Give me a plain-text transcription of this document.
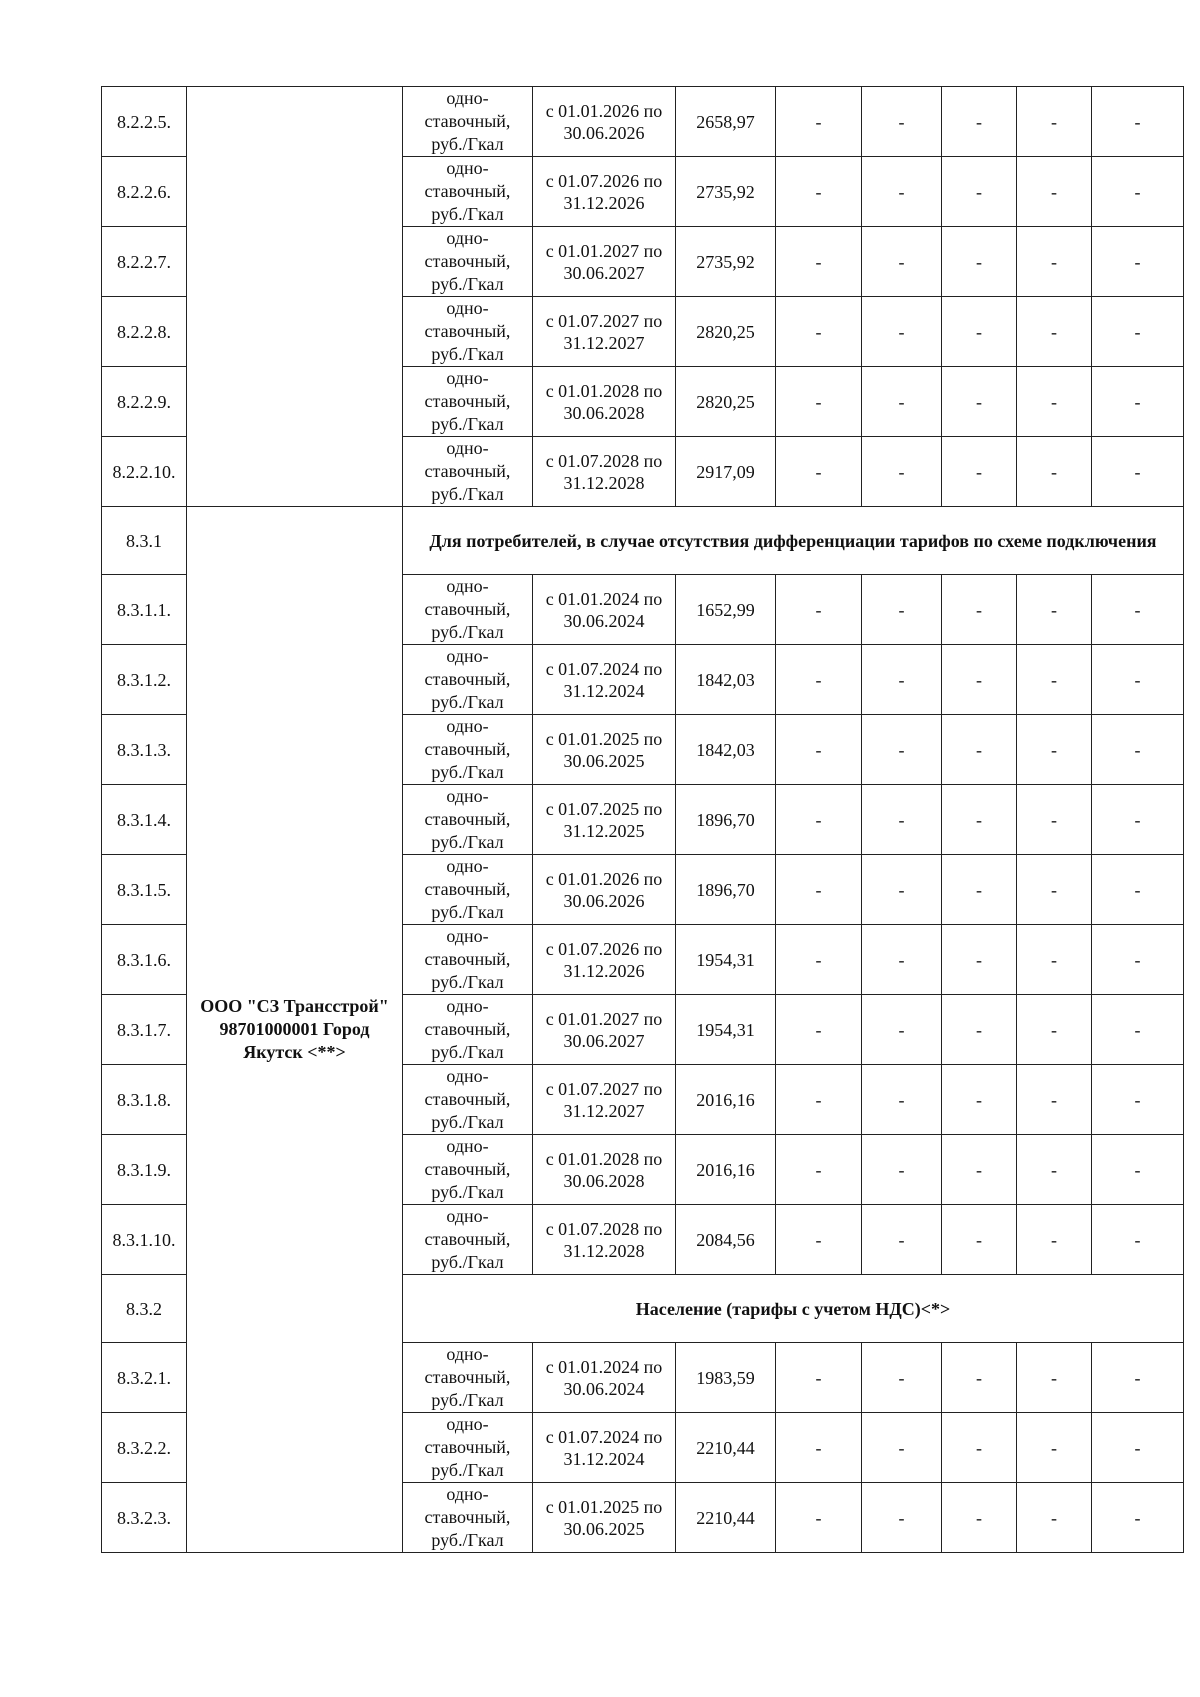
8.2.2.5.		одно-ставочный, руб./Гкал	с 01.01.2026 по 30.06.2026	2658,97	-	-	-	-	-
8.2.2.6.		одно-ставочный, руб./Гкал	с 01.07.2026 по 31.12.2026	2735,92	-	-	-	-	-
8.2.2.7.		одно-ставочный, руб./Гкал	с 01.01.2027 по 30.06.2027	2735,92	-	-	-	-	-
8.2.2.8.		одно-ставочный, руб./Гкал	с 01.07.2027 по 31.12.2027	2820,25	-	-	-	-	-
8.2.2.9.		одно-ставочный, руб./Гкал	с 01.01.2028 по 30.06.2028	2820,25	-	-	-	-	-
8.2.2.10.		одно-ставочный, руб./Гкал	с 01.07.2028 по 31.12.2028	2917,09	-	-	-	-	-
8.3.1	ООО "СЗ Трансстрой" 98701000001 Город Якутск <**>	Для потребителей, в случае отсутствия дифференциации тарифов по схеме подключения							
8.3.1.1.		одно-ставочный, руб./Гкал	с 01.01.2024 по 30.06.2024	1652,99	-	-	-	-	-
8.3.1.2.		одно-ставочный, руб./Гкал	с 01.07.2024 по 31.12.2024	1842,03	-	-	-	-	-
8.3.1.3.		одно-ставочный, руб./Гкал	с 01.01.2025 по 30.06.2025	1842,03	-	-	-	-	-
8.3.1.4.		одно-ставочный, руб./Гкал	с 01.07.2025 по 31.12.2025	1896,70	-	-	-	-	-
8.3.1.5.		одно-ставочный, руб./Гкал	с 01.01.2026 по 30.06.2026	1896,70	-	-	-	-	-
8.3.1.6.		одно-ставочный, руб./Гкал	с 01.07.2026 по 31.12.2026	1954,31	-	-	-	-	-
8.3.1.7.		одно-ставочный, руб./Гкал	с 01.01.2027 по 30.06.2027	1954,31	-	-	-	-	-
8.3.1.8.		одно-ставочный, руб./Гкал	с 01.07.2027 по 31.12.2027	2016,16	-	-	-	-	-
8.3.1.9.		одно-ставочный, руб./Гкал	с 01.01.2028 по 30.06.2028	2016,16	-	-	-	-	-
8.3.1.10.		одно-ставочный, руб./Гкал	с 01.07.2028 по 31.12.2028	2084,56	-	-	-	-	-
8.3.2		Население (тарифы с учетом НДС)<*>							
8.3.2.1.		одно-ставочный, руб./Гкал	с 01.01.2024 по 30.06.2024	1983,59	-	-	-	-	-
8.3.2.2.		одно-ставочный, руб./Гкал	с 01.07.2024 по 31.12.2024	2210,44	-	-	-	-	-
8.3.2.3.		одно-ставочный, руб./Гкал	с 01.01.2025 по 30.06.2025	2210,44	-	-	-	-	-
